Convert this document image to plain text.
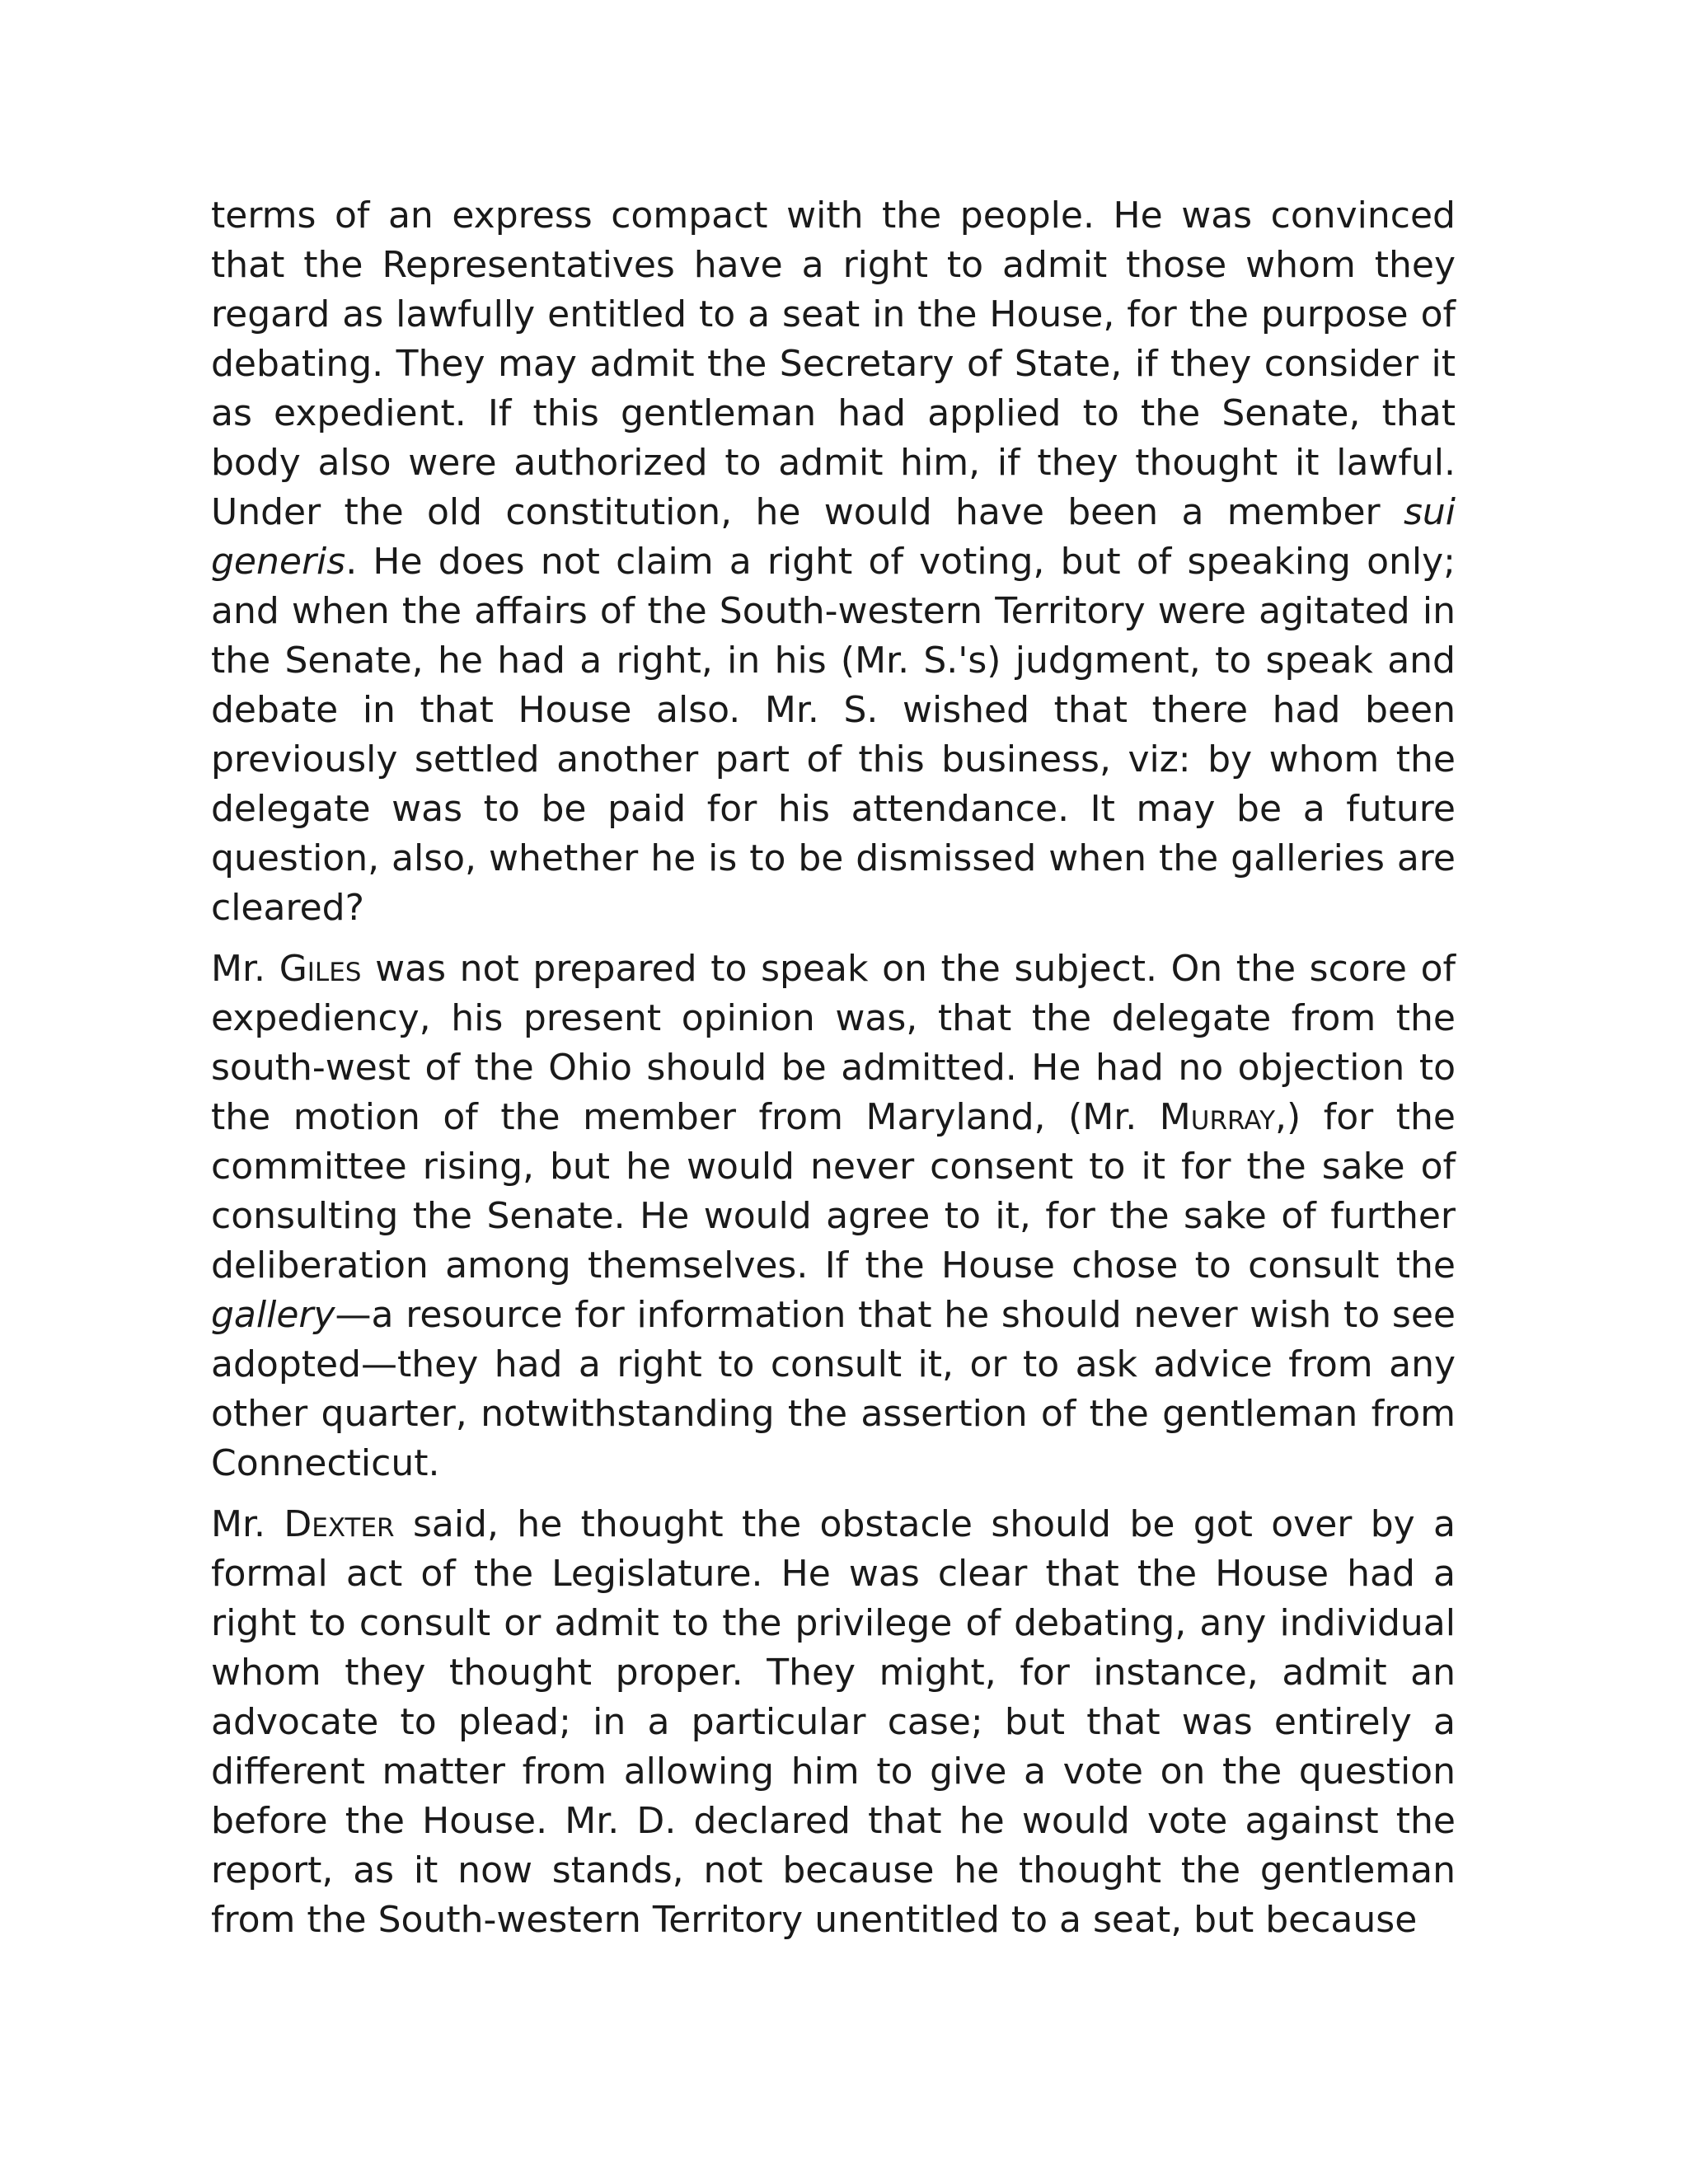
terms of an express compact with the people. He was convinced that the Representatives have a right to admit those whom they regard as lawfully entitled to a seat in the House, for the purpose of debating. They may admit the Secretary of State, if they consider it as expedient. If this gentleman had applied to the Senate, that body also were authorized to admit him, if they thought it lawful. Under the old constitution, he would have been a member sui generis. He does not claim a right of voting, but of speaking only; and when the affairs of the South-western Territory were agitated in the Senate, he had a right, in his (Mr. S.'s) judgment, to speak and debate in that House also. Mr. S. wished that there had been previously settled another part of this business, viz: by whom the delegate was to be paid for his attendance. It may be a future question, also, whether he is to be dismissed when the galleries are cleared?

Mr. Giles was not prepared to speak on the subject. On the score of expediency, his present opinion was, that the delegate from the south-west of the Ohio should be admitted. He had no objection to the motion of the member from Maryland, (Mr. Murray,) for the committee rising, but he would never consent to it for the sake of consulting the Senate. He would agree to it, for the sake of further deliberation among themselves. If the House chose to consult the gallery—a resource for information that he should never wish to see adopted—they had a right to consult it, or to ask advice from any other quarter, notwithstanding the assertion of the gentleman from Connecticut.

Mr. Dexter said, he thought the obstacle should be got over by a formal act of the Legislature. He was clear that the House had a right to consult or admit to the privilege of debating, any individual whom they thought proper. They might, for instance, admit an advocate to plead; in a particular case; but that was entirely a different matter from allowing him to give a vote on the question before the House. Mr. D. declared that he would vote against the report, as it now stands, not because he thought the gentleman from the South-western Territory unentitled to a seat, but because
